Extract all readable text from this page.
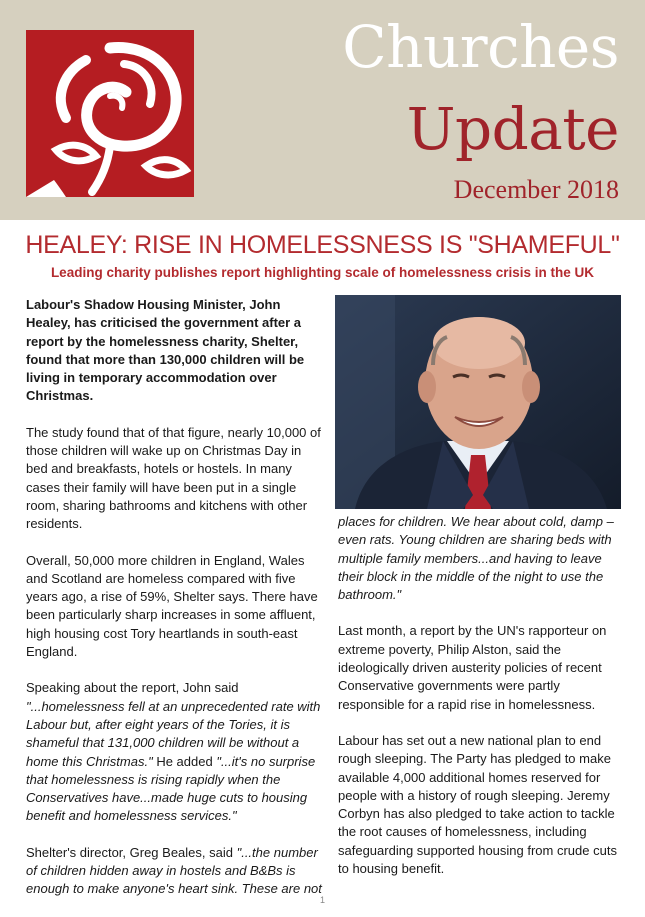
Churches
Update
December 2018
HEALEY: RISE IN HOMELESSNESS IS "SHAMEFUL"
Leading charity publishes report highlighting scale of homelessness crisis in the UK

Labour's Shadow Housing Minister, John Healey, has criticised the government after a report by the homelessness charity, Shelter, found that more than 130,000 children will be living in temporary accommodation over Christmas.

The study found that of that figure, nearly 10,000 of those children will wake up on Christmas Day in bed and breakfasts, hotels or hostels. In many cases their family will have been put in a single room, sharing bathrooms and kitchens with other residents.

Overall, 50,000 more children in England, Wales and Scotland are homeless compared with five years ago, a rise of 59%, Shelter says. There have been particularly sharp increases in some affluent, high housing cost Tory heartlands in south-east England.

Speaking about the report, John said "...homelessness fell at an unprecedented rate with Labour but, after eight years of the Tories, it is shameful that 131,000 children will be without a home this Christmas." He added "...it's no surprise that homelessness is rising rapidly when the Conservatives have...made huge cuts to housing benefit and homelessness services."

Shelter's director, Greg Beales, said "...the number of children hidden away in hostels and B&Bs is enough to make anyone's heart sink. These are not

places for children. We hear about cold, damp – even rats. Young children are sharing beds with multiple family members...and having to leave their block in the middle of the night to use the bathroom."

Last month, a report by the UN's rapporteur on extreme poverty, Philip Alston, said the ideologically driven austerity policies of recent Conservative governments were partly responsible for a rapid rise in homelessness.

Labour has set out a new national plan to end rough sleeping. The Party has pledged to make available 4,000 additional homes reserved for people with a history of rough sleeping. Jeremy Corbyn has also pledged to take action to tackle the root causes of homelessness, including safeguarding supported housing from crude cuts to housing benefit.

1
